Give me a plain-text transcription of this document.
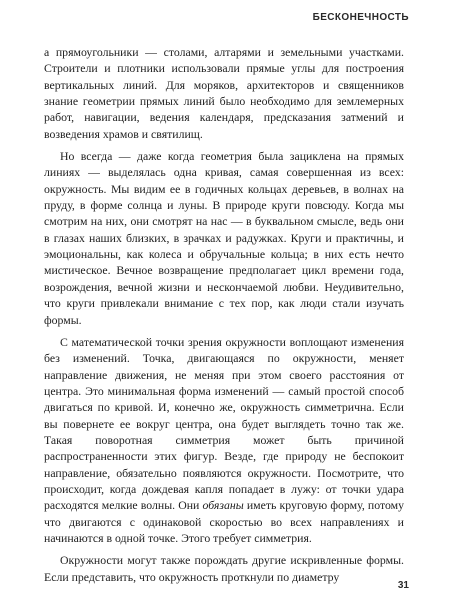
БЕСКОНЕЧНОСТЬ

а прямоугольники — столами, алтарями и земельными участками. Строители и плотники использовали прямые углы для построения вертикальных линий. Для моряков, архитекторов и священников знание геометрии прямых линий было необходимо для землемерных работ, навигации, ведения календаря, предсказания затмений и возведения храмов и святилищ.

Но всегда — даже когда геометрия была зациклена на прямых линиях — выделялась одна кривая, самая совершенная из всех: окружность. Мы видим ее в годичных кольцах деревьев, в волнах на пруду, в форме солнца и луны. В природе круги повсюду. Когда мы смотрим на них, они смотрят на нас — в буквальном смысле, ведь они в глазах наших близких, в зрачках и радужках. Круги и практичны, и эмоциональны, как колеса и обручальные кольца; в них есть нечто мистическое. Вечное возвращение предполагает цикл времени года, возрождения, вечной жизни и нескончаемой любви. Неудивительно, что круги привлекали внимание с тех пор, как люди стали изучать формы.

С математической точки зрения окружности воплощают изменения без изменений. Точка, двигающаяся по окружности, меняет направление движения, не меняя при этом своего расстояния от центра. Это минимальная форма изменений — самый простой способ двигаться по кривой. И, конечно же, окружность симметрична. Если вы повернете ее вокруг центра, она будет выглядеть точно так же. Такая поворотная симметрия может быть причиной распространенности этих фигур. Везде, где природу не беспокоит направление, обязательно появляются окружности. Посмотрите, что происходит, когда дождевая капля попадает в лужу: от точки удара расходятся мелкие волны. Они обязаны иметь круговую форму, потому что двигаются с одинаковой скоростью во всех направлениях и начинаются в одной точке. Этого требует симметрия.

Окружности могут также порождать другие искривленные формы. Если представить, что окружность проткнули по диаметру

31
